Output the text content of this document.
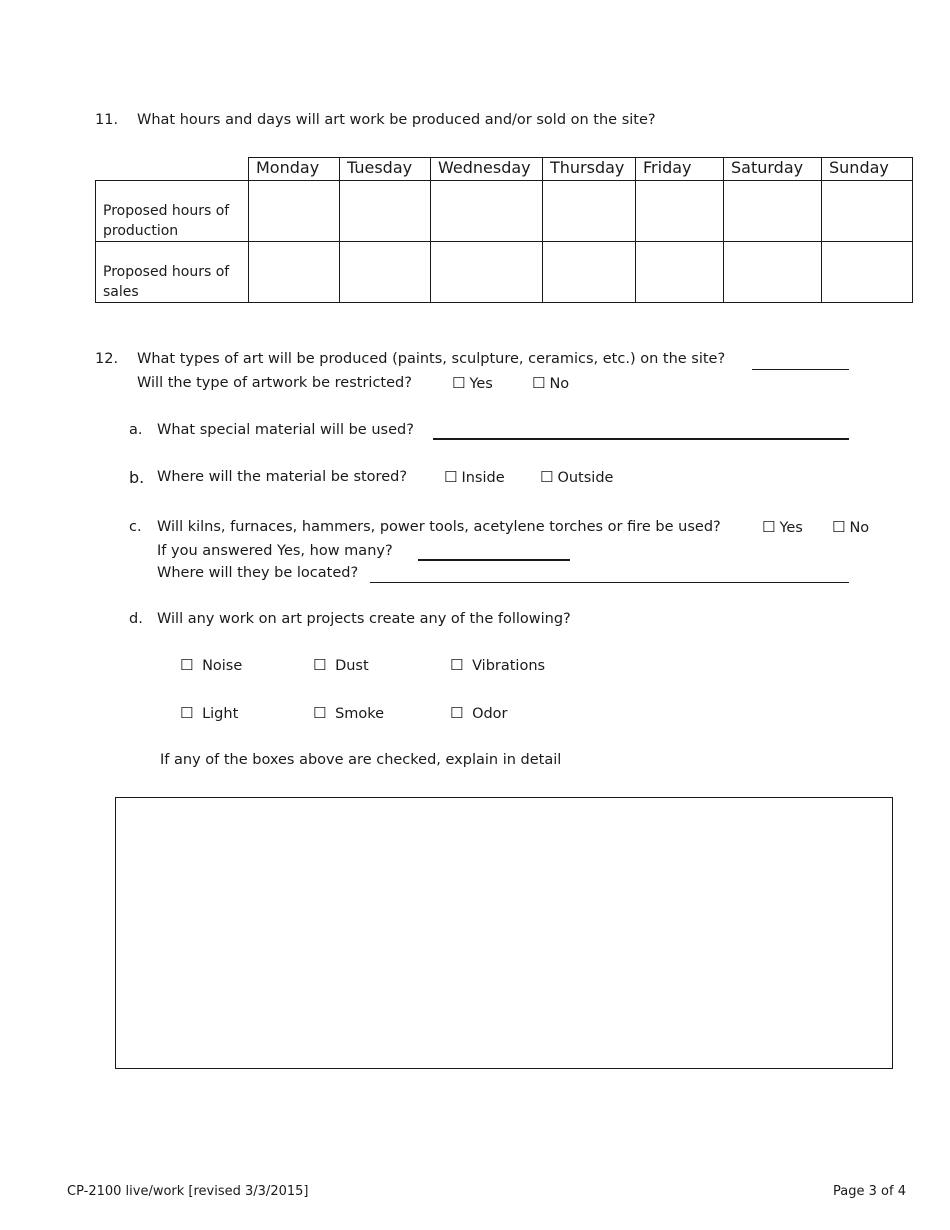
11. What hours and days will art work be produced and/or sold on the site?
	Monday	Tuesday	Wednesday	Thursday	Friday	Saturday	Sunday
Proposed hours of production							
Proposed hours of sales							
12. What types of art will be produced (paints, sculpture, ceramics, etc.) on the site?
Will the type of artwork be restricted?	☐ Yes	☐ No
a. What special material will be used?
b. Where will the material be stored? ☐ Inside ☐ Outside
c. Will kilns, furnaces, hammers, power tools, acetylene torches or fire be used?	☐ Yes ☐ No
If you answered Yes, how many?
Where will they be located?
d. Will any work on art projects create any of the following?
☐ Noise	☐ Dust	☐ Vibrations
☐ Light	☐ Smoke	☐ Odor
If any of the boxes above are checked, explain in detail
CP-2100 live/work [revised 3/3/2015]	Page 3 of 4
